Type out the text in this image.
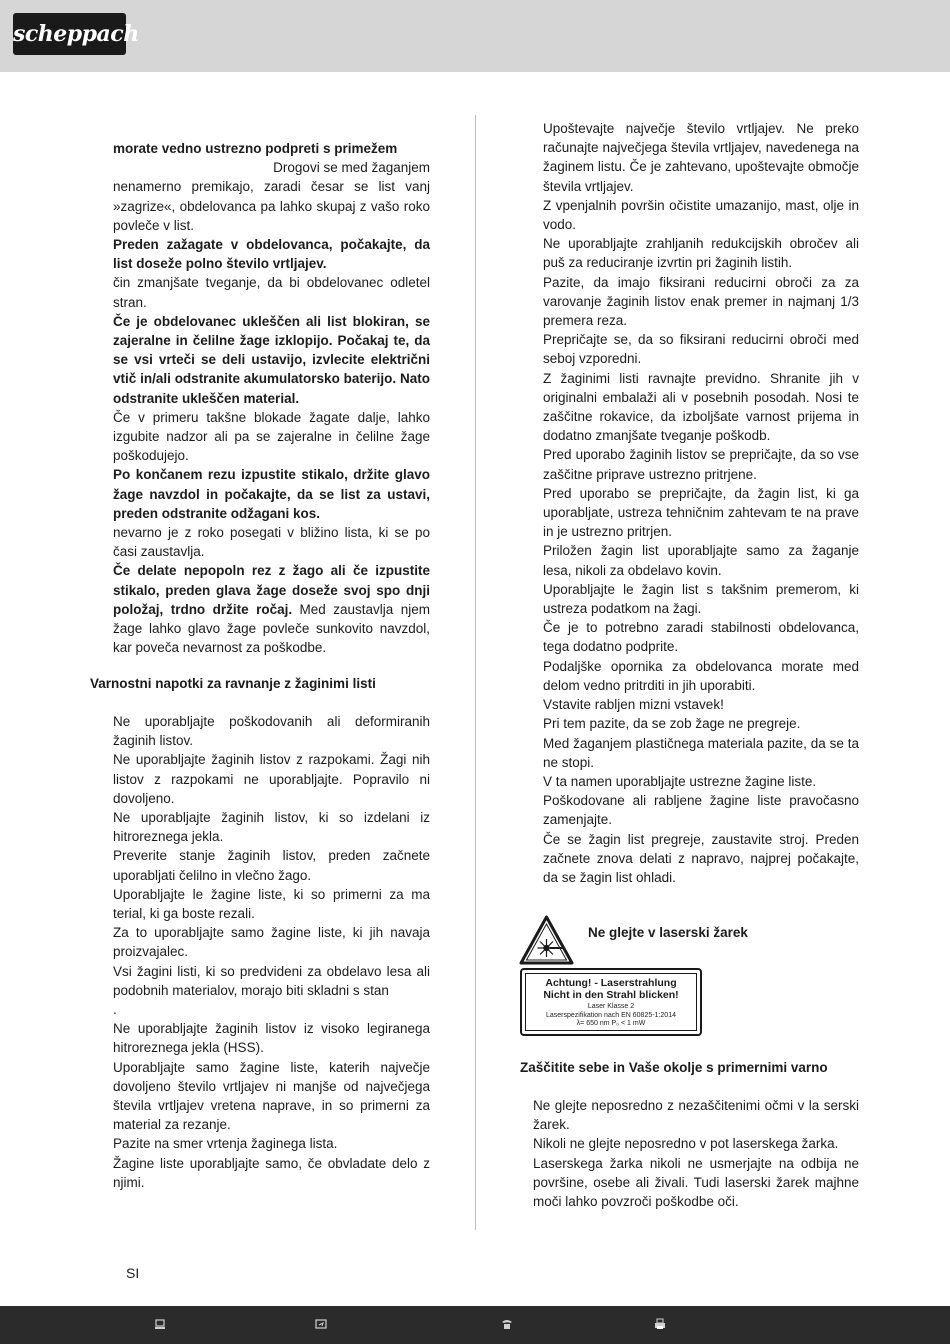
scheppach

morate vedno ustrezno podpreti s primežem

Drogovi se med žaganjem

nenamerno premikajo, zaradi česar se list vanj »zagrize«, obdelovanca pa lahko skupaj z vašo roko povleče v list.

Preden zažagate v obdelovanca, počakajte, da list doseže polno število vrtljajev.

čin zmanjšate tveganje, da bi obdelovanec odletel stran.

Če je obdelovanec ukleščen ali list blokiran, se zajeralne in čelilne žage izklopijo. Počakaj te, da se vsi vrteči se deli ustavijo, izvlecite električni vtič in/ali odstranite akumulatorsko baterijo. Nato odstranite ukleščen material.

Če v primeru takšne blokade žagate dalje, lahko izgubite nadzor ali pa se zajeralne in čelilne žage poškodujejo.

Po končanem rezu izpustite stikalo, držite glavo žage navzdol in počakajte, da se list za ustavi, preden odstranite odžagani kos.

nevarno je z roko posegati v bližino lista, ki se po časi zaustavlja.

Če delate nepopoln rez z žago ali če izpustite stikalo, preden glava žage doseže svoj spo dnji položaj, trdno držite ročaj. Med zaustavlja njem žage lahko glavo žage povleče sunkovito navzdol, kar poveča nevarnost za poškodbe.

Varnostni napotki za ravnanje z žaginimi listi

Ne uporabljajte poškodovanih ali deformiranih žaginih listov.

Ne uporabljajte žaginih listov z razpokami. Žagi nih listov z razpokami ne uporabljajte. Popravilo ni dovoljeno.

Ne uporabljajte žaginih listov, ki so izdelani iz hitroreznega jekla.

Preverite stanje žaginih listov, preden začnete uporabljati čelilno in vlečno žago.

Uporabljajte le žagine liste, ki so primerni za ma terial, ki ga boste rezali.

Za to uporabljajte samo žagine liste, ki jih navaja proizvajalec.

Vsi žagini listi, ki so predvideni za obdelavo lesa ali podobnih materialov, morajo biti skladni s stan

.

Ne uporabljajte žaginih listov iz visoko legiranega hitroreznega jekla (HSS).

Uporabljajte samo žagine liste, katerih največje dovoljeno število vrtljajev ni manjše od največjega števila vrtljajev vretena naprave, in so primerni za material za rezanje.

Pazite na smer vrtenja žaginega lista.

Žagine liste uporabljajte samo, če obvladate delo z njimi.

Upoštevajte največje število vrtljajev. Ne preko računajte največjega števila vrtljajev, navedenega na žaginem listu. Če je zahtevano, upoštevajte območje števila vrtljajev.

Z vpenjalnih površin očistite umazanijo, mast, olje in vodo.

Ne uporabljajte zrahljanih redukcijskih obročev ali puš za reduciranje izvrtin pri žaginih listih.

Pazite, da imajo fiksirani reducirni obroči za za varovanje žaginih listov enak premer in najmanj 1/3 premera reza.

Prepričajte se, da so fiksirani reducirni obroči med seboj vzporedni.

Z žaginimi listi ravnajte previdno. Shranite jih v originalni embalaži ali v posebnih posodah. Nosi te zaščitne rokavice, da izboljšate varnost prijema in dodatno zmanjšate tveganje poškodb.

Pred uporabo žaginih listov se prepričajte, da so vse zaščitne priprave ustrezno pritrjene.

Pred uporabo se prepričajte, da žagin list, ki ga uporabljate, ustreza tehničnim zahtevam te na prave in je ustrezno pritrjen.

Priložen žagin list uporabljajte samo za žaganje lesa, nikoli za obdelavo kovin.

Uporabljajte le žagin list s takšnim premerom, ki ustreza podatkom na žagi.

Če je to potrebno zaradi stabilnosti obdelovanca, tega dodatno podprite.

Podaljške opornika za obdelovanca morate med delom vedno pritrditi in jih uporabiti.

Vstavite rabljen mizni vstavek!

Pri tem pazite, da se zob žage ne pregreje.

Med žaganjem plastičnega materiala pazite, da se ta ne stopi.

V ta namen uporabljajte ustrezne žagine liste.

Poškodovane ali rabljene žagine liste pravočasno zamenjajte.

Če se žagin list pregreje, zaustavite stroj. Preden začnete znova delati z napravo, najprej počakajte, da se žagin list ohladi.

Ne glejte v laserski žarek
Achtung! - Laserstrahlung
Nicht in den Strahl blicken!
Laser Klasse 2
Laserspezifikation nach EN 60825-1:2014
λ= 650 nm P₀ < 1 mW
Zaščitite sebe in Vaše okolje s primernimi varno

Ne glejte neposredno z nezaščitenimi očmi v la serski žarek.

Nikoli ne glejte neposredno v pot laserskega žarka.

Laserskega žarka nikoli ne usmerjajte na odbija ne površine, osebe ali živali. Tudi laserski žarek majhne moči lahko povzroči poškodbe oči.

SI
